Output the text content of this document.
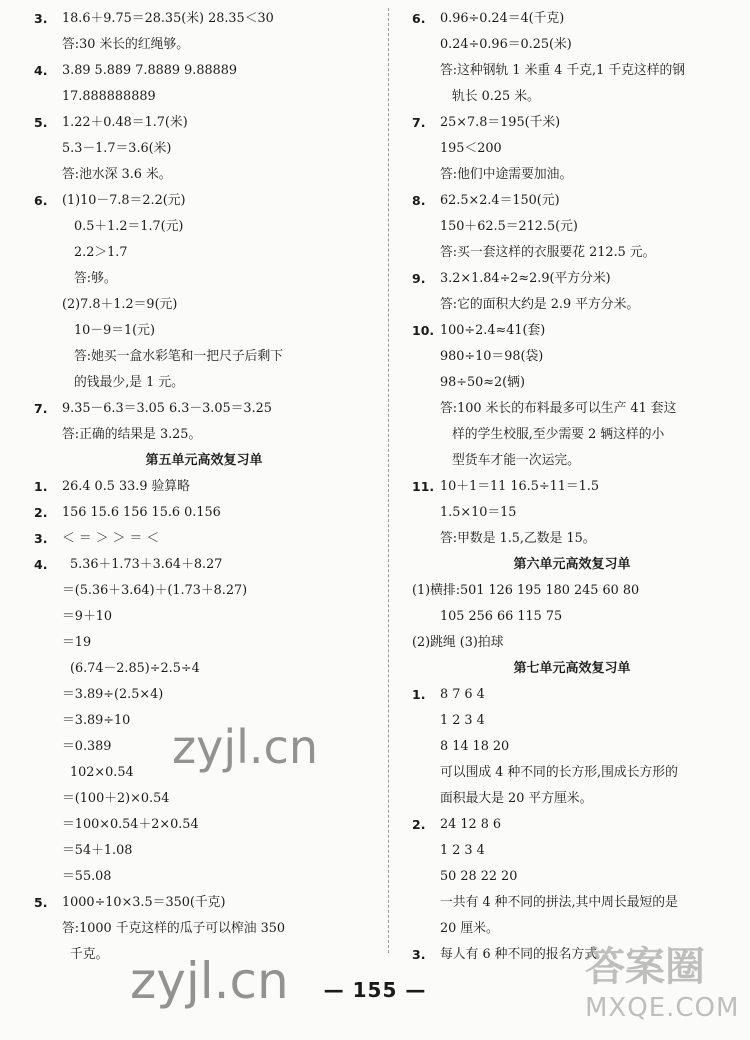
3. 18.6＋9.75＝28.35(米) 28.35＜30
答:30 米长的红绳够。
4. 3.89 5.889 7.8889 9.88889
17.888888889
5. 1.22＋0.48＝1.7(米)
5.3－1.7＝3.6(米)
答:池水深 3.6 米。
6. (1)10－7.8＝2.2(元)
0.5＋1.2＝1.7(元)
2.2＞1.7
答:够。
(2)7.8＋1.2＝9(元)
10－9＝1(元)
答:她买一盒水彩笔和一把尺子后剩下
的钱最少,是 1 元。
7. 9.35－6.3＝3.05 6.3－3.05＝3.25
答:正确的结果是 3.25。
第五单元高效复习单
1. 26.4 0.5 33.9 验算略
2. 156 15.6 156 15.6 0.156
3. ＜ ＝ ＞ ＞ ＝ ＜
4. 5.36＋1.73＋3.64＋8.27
＝(5.36＋3.64)＋(1.73＋8.27)
＝9＋10
＝19
(6.74－2.85)÷2.5÷4
＝3.89÷(2.5×4)
＝3.89÷10
＝0.389
102×0.54
＝(100＋2)×0.54
＝100×0.54＋2×0.54
＝54＋1.08
＝55.08
5. 1000÷10×3.5＝350(千克)
答:1000 千克这样的瓜子可以榨油 350
千克。
6. 0.96÷0.24＝4(千克)
0.24÷0.96＝0.25(米)
答:这种钢轨 1 米重 4 千克,1 千克这样的钢
轨长 0.25 米。
7. 25×7.8＝195(千米)
195＜200
答:他们中途需要加油。
8. 62.5×2.4＝150(元)
150＋62.5＝212.5(元)
答:买一套这样的衣服要花 212.5 元。
9. 3.2×1.84÷2≈2.9(平方分米)
答:它的面积大约是 2.9 平方分米。
10. 100÷2.4≈41(套)
980÷10＝98(袋)
98÷50≈2(辆)
答:100 米长的布料最多可以生产 41 套这
样的学生校服,至少需要 2 辆这样的小
型货车才能一次运完。
11. 10＋1＝11 16.5÷11＝1.5
1.5×10＝15
答:甲数是 1.5,乙数是 15。
第六单元高效复习单
(1)横排:501 126 195 180 245 60 80
105 256 66 115 75
(2)跳绳 (3)拍球
第七单元高效复习单
1. 8 7 6 4
1 2 3 4
8 14 18 20
可以围成 4 种不同的长方形,围成长方形的
面积最大是 20 平方厘米。
2. 24 12 8 6
1 2 3 4
50 28 22 20
一共有 4 种不同的拼法,其中周长最短的是
20 厘米。
3. 每人有 6 种不同的报名方式
— 155 —
zyjl.cn
zyjl.cn	答案圈
MXQE.COM
